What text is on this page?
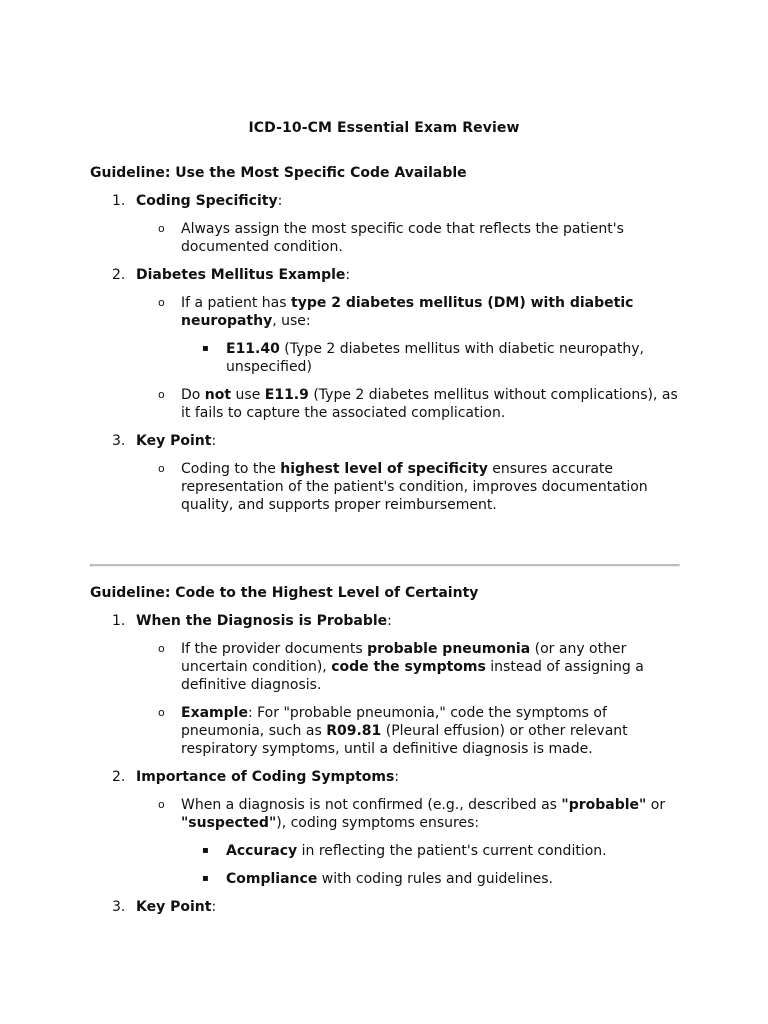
ICD-10-CM Essential Exam Review
Guideline: Use the Most Specific Code Available
1. Coding Specificity:
o Always assign the most specific code that reflects the patient's documented condition.
2. Diabetes Mellitus Example:
o If a patient has type 2 diabetes mellitus (DM) with diabetic neuropathy, use:
▪ E11.40 (Type 2 diabetes mellitus with diabetic neuropathy, unspecified)
o Do not use E11.9 (Type 2 diabetes mellitus without complications), as it fails to capture the associated complication.
3. Key Point:
o Coding to the highest level of specificity ensures accurate representation of the patient's condition, improves documentation quality, and supports proper reimbursement.
Guideline: Code to the Highest Level of Certainty
1. When the Diagnosis is Probable:
o If the provider documents probable pneumonia (or any other uncertain condition), code the symptoms instead of assigning a definitive diagnosis.
o Example: For "probable pneumonia," code the symptoms of pneumonia, such as R09.81 (Pleural effusion) or other relevant respiratory symptoms, until a definitive diagnosis is made.
2. Importance of Coding Symptoms:
o When a diagnosis is not confirmed (e.g., described as "probable" or "suspected"), coding symptoms ensures:
▪ Accuracy in reflecting the patient's current condition.
▪ Compliance with coding rules and guidelines.
3. Key Point:
